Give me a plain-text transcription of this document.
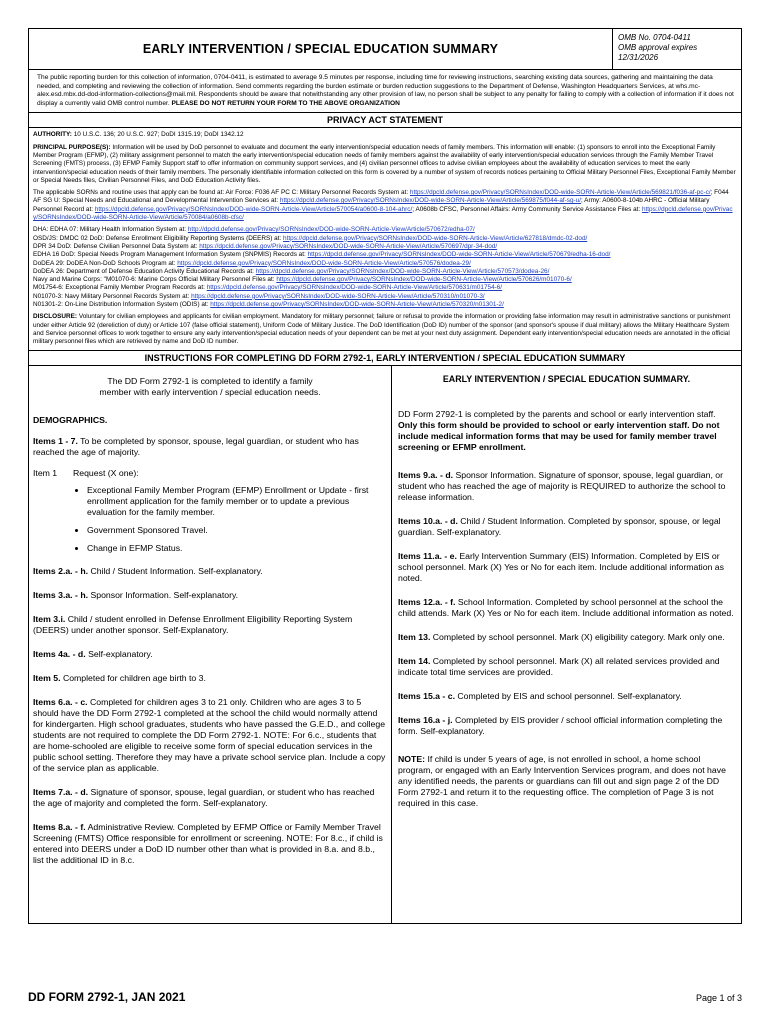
EARLY INTERVENTION / SPECIAL EDUCATION SUMMARY
OMB No. 0704-0411
OMB approval expires
12/31/2026
The public reporting burden for this collection of information, 0704-0411, is estimated to average 9.5 minutes per response, including time for reviewing instructions, searching existing data sources, gathering and maintaining the data needed, and completing and reviewing the collection of information. Send comments regarding the burden estimate or burden reduction suggestions to the Department of Defense, Washington Headquarters Services, at whs.mc-alex.esd.mbx.dd-dod-information-collections@mail.mil. Respondents should be aware that notwithstanding any other provision of law, no person shall be subject to any penalty for failing to comply with a collection of information if it does not display a currently valid OMB control number. PLEASE DO NOT RETURN YOUR FORM TO THE ABOVE ORGANIZATION
PRIVACY ACT STATEMENT

AUTHORITY: 10 U.S.C. 136; 20 U.S.C. 927; DoDI 1315.19; DoDI 1342.12

PRINCIPAL PURPOSE(S): Information will be used by DoD personnel to evaluate and document the early intervention/special education needs of family members. This information will enable: (1) sponsors to enroll into the Exceptional Family Member Program (EFMP), (2) military assignment personnel to match the early intervention/special education needs of family members against the availability of early intervention/special education services through the Family Member Travel Screening (FMTS) process, (3) EFMP Family Support staff to offer information on community support services, and (4) civilian personnel offices to advise civilian employees about the availability of education services to meet the early intervention/special education needs of their family members. The personally identifiable information collected on this form is covered by a number of system of records notices pertaining to Official Military Personnel Files, Exceptional Family Member or Special Needs files, Civilian Personnel Files, and DoD Education Activity files.

The applicable SORNs and routine uses that apply can be found at: Air Force: F036 AF PC C: Military Personnel Records System at: https://dpcld.defense.gov/Privacy/SORNsIndex/DOD-wide-SORN-Article-View/Article/569821/f036-af-pc-c/; F044 AF SG U: Special Needs and Educational and Developmental Intervention Services at: https://dpcld.defense.gov/Privacy/SORNsIndex/DOD-wide-SORN-Article-View/Article/569875/f044-af-sg-u/; Army: A0600-8-104b AHRC - Official Military Personnel Record at: https://dpcld.defense.gov/Privacy/SORNsIndex/DOD-wide-SORN-Article-View/Article/570054/a0600-8-104-ahrc/; A0608b CFSC, Personnel Affairs: Army Community Service Assistance Files at: https://dpcld.defense.gov/Privacy/SORNsIndex/DOD-wide-SORN-Article-View/Article/570084/a0608b-cfsc/

DHA: EDHA 07: Military Health Information System at: http://dpcld.defense.gov/Privacy/SORNsIndex/DOD-wide-SORN-Article-View/Article/570672/edha-07/
OSD/JS: DMDC 02 DoD: Defense Enrollment Eligibility Reporting Systems (DEERS) at: https://dpcld.defense.gov/Privacy/SORNsIndex/DOD-wide-SORN-Article-View/Article/627818/dmdc-02-dod/
DPR 34 DoD: Defense Civilian Personnel Data System at: https://dpcld.defense.gov/Privacy/SORNsIndex/DOD-wide-SORN-Article-View/Article/570697/dpr-34-dod/
EDHA 16 DoD: Special Needs Program Management Information System (SNPMIS) Records at: https://dpcld.defense.gov/Privacy/SORNsIndex/DOD-wide-SORN-Article-View/Article/570679/edha-16-dod/
DoDEA 29: DoDEA Non-DoD Schools Program at: https://dpcld.defense.gov/Privacy/SORNsIndex/DOD-wide-SORN-Article-View/Article/570576/dodea-29/
DoDEA 26: Department of Defense Education Activity Educational Records at: https://dpcld.defense.gov/Privacy/SORNsIndex/DOD-wide-SORN-Article-View/Article/570573/dodea-26/
Navy and Marine Corps: "M01070-6: Marine Corps Official Military Personnel Files at: https://dpcld.defense.gov/Privacy/SORNsIndex/DOD-wide-SORN-Article-View/Article/570626/m01070-6/
M01754-6: Exceptional Family Member Program Records at: https://dpcld.defense.gov/Privacy/SORNsIndex/DOD-wide-SORN-Article-View/Article/570631/m01754-6/
N01070-3: Navy Military Personnel Records System at: https://dpcld.defense.gov/Privacy/SORNsIndex/DOD-wide-SORN-Article-View/Article/570310/n01070-3/
N01301-2: On-Line Distribution Information System (ODIS) at: https://dpcld.defense.gov/Privacy/SORNsIndex/DOD-wide-SORN-Article-View/Article/570320/n01301-2/

DISCLOSURE: Voluntary for civilian employees and applicants for civilian employment. Mandatory for military personnel; failure or refusal to provide the information or providing false information may result in administrative sanctions or punishment under either Article 92 (dereliction of duty) or Article 107 (false official statement), Uniform Code of Military Justice. The DoD Identification (DoD ID) number of the sponsor (and sponsor's spouse if dual military) allows the Military Healthcare System and Service personnel offices to work together to ensure any early intervention/special education needs of your dependent can be met at your next duty assignment. Dependent early intervention/special education needs are annotated in the official military personnel files which are retrieved by name and DoD ID number.

INSTRUCTIONS FOR COMPLETING DD FORM 2792-1, EARLY INTERVENTION / SPECIAL EDUCATION SUMMARY

The DD Form 2792-1 is completed to identify a family member with early intervention / special education needs.

DEMOGRAPHICS.

Items 1 - 7. To be completed by sponsor, spouse, legal guardian, or student who has reached the age of majority.

Item 1	Request (X one):
• Exceptional Family Member Program (EFMP) Enrollment or Update - first enrollment application for the family member or to update a previous evaluation for the family member.
• Government Sponsored Travel.
• Change in EFMP Status.

Items 2.a. - h. Child / Student Information. Self-explanatory.

Items 3.a. - h. Sponsor Information. Self-explanatory.

Item 3.i. Child / student enrolled in Defense Enrollment Eligibility Reporting System (DEERS) under another sponsor. Self-Explanatory.

Items 4a. - d. Self-explanatory.

Item 5. Completed for children age birth to 3.

Items 6.a. - c. Completed for children ages 3 to 21 only. Children who are ages 3 to 5 should have the DD Form 2792-1 completed at the school the child would normally attend for kindergarten. High school graduates, students who have passed the G.E.D., and college students are not required to complete the DD Form 2792-1. NOTE: For 6.c., students that are home-schooled are eligible to receive some form of special education services in the public school setting. Therefore they may have a private school service plan. Include a copy of the service plan as applicable.

Items 7.a. - d. Signature of sponsor, spouse, legal guardian, or student who has reached the age of majority and completed the form. Self-explanatory.

Items 8.a. - f. Administrative Review. Completed by EFMP Office or Family Member Travel Screening (FMTS) Office responsible for enrollment or screening. NOTE: For 8.c., if child is entered into DEERS under a DoD ID number other than what is provided in 8.a. and 8.b., list the additional ID in 8.c.

EARLY INTERVENTION / SPECIAL EDUCATION SUMMARY.

DD Form 2792-1 is completed by the parents and school or early intervention staff. Only this form should be provided to school or early intervention staff. Do not include medical information forms that may be used for family member travel screening or EFMP enrollment.

Items 9.a. - d. Sponsor Information. Signature of sponsor, spouse, legal guardian, or student who has reached the age of majority is REQUIRED to authorize the school to release information.

Items 10.a. - d. Child / Student Information. Completed by sponsor, spouse, or legal guardian. Self-explanatory.

Items 11.a. - e. Early Intervention Summary (EIS) Information. Completed by EIS or school personnel. Mark (X) Yes or No for each item. Include additional information as noted.

Items 12.a. - f. School Information. Completed by school personnel at the school the child attends. Mark (X) Yes or No for each item. Include additional information as noted.

Item 13. Completed by school personnel. Mark (X) eligibility category. Mark only one.

Item 14. Completed by school personnel. Mark (X) all related services provided and indicate total time services are provided.

Items 15.a - c. Completed by EIS and school personnel. Self-explanatory.

Items 16.a - j. Completed by EIS provider / school official information completing the form. Self-explanatory.

NOTE: If child is under 5 years of age, is not enrolled in school, a home school program, or engaged with an Early Intervention Services program, and does not have any identified needs, the parents or guardians can fill out and sign page 2 of the DD Form 2792-1 and return it to the requesting office. The completion of Page 3 is not required in this case.

DD FORM 2792-1, JAN 2021	Page 1 of 3
